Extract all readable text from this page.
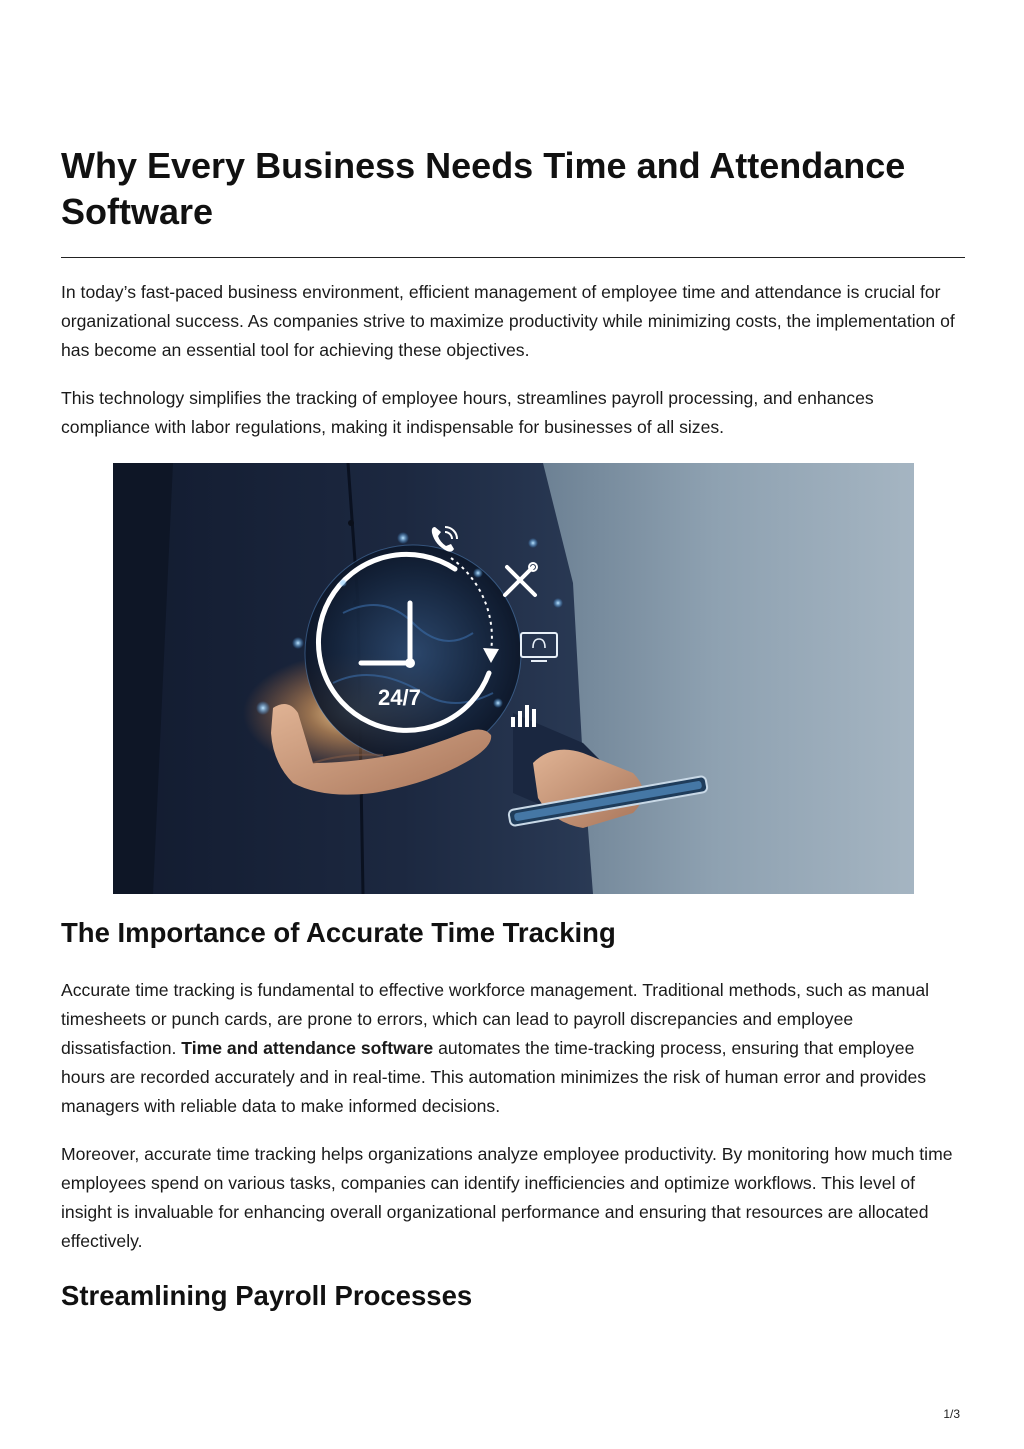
Why Every Business Needs Time and Attendance Software

In today’s fast-paced business environment, efficient management of employee time and attendance is crucial for organizational success. As companies strive to maximize productivity while minimizing costs, the implementation of has become an essential tool for achieving these objectives.

This technology simplifies the tracking of employee hours, streamlines payroll processing, and enhances compliance with labor regulations, making it indispensable for businesses of all sizes.

24/7
The Importance of Accurate Time Tracking

Accurate time tracking is fundamental to effective workforce management. Traditional methods, such as manual timesheets or punch cards, are prone to errors, which can lead to payroll discrepancies and employee dissatisfaction. Time and attendance software automates the time-tracking process, ensuring that employee hours are recorded accurately and in real-time. This automation minimizes the risk of human error and provides managers with reliable data to make informed decisions.

Moreover, accurate time tracking helps organizations analyze employee productivity. By monitoring how much time employees spend on various tasks, companies can identify inefficiencies and optimize workflows. This level of insight is invaluable for enhancing overall organizational performance and ensuring that resources are allocated effectively.

Streamlining Payroll Processes
1/3
